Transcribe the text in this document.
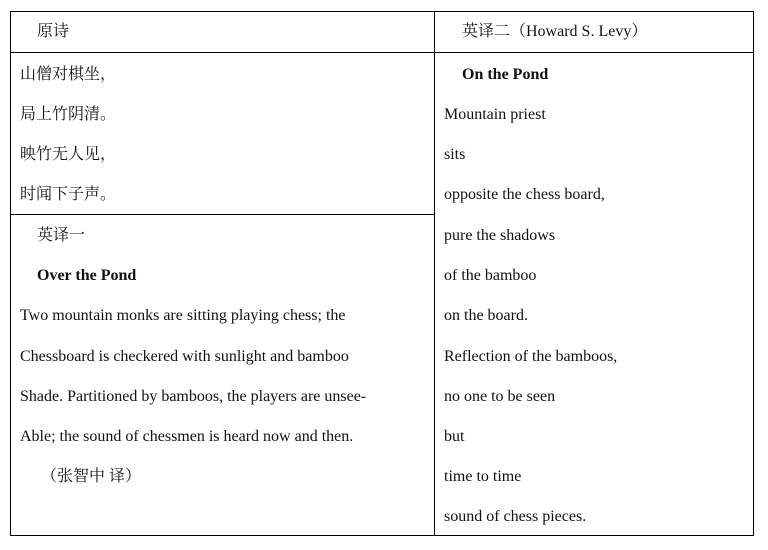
原诗	英译二（Howard S. Levy）
山僧对棋坐，
局上竹阴清。
映竹无人见，
时闻下子声。
英译一
Over the Pond
Two mountain monks are sitting playing chess; the
Chessboard is checkered with sunlight and bamboo
Shade. Partitioned by bamboos, the players are unsee-
Able; the sound of chessmen is heard now and then.
（张智中 译）
On the Pond
Mountain priest
sits
opposite the chess board,
pure the shadows
of the bamboo
on the board.
Reflection of the bamboos,
no one to be seen
but
time to time
sound of chess pieces.
